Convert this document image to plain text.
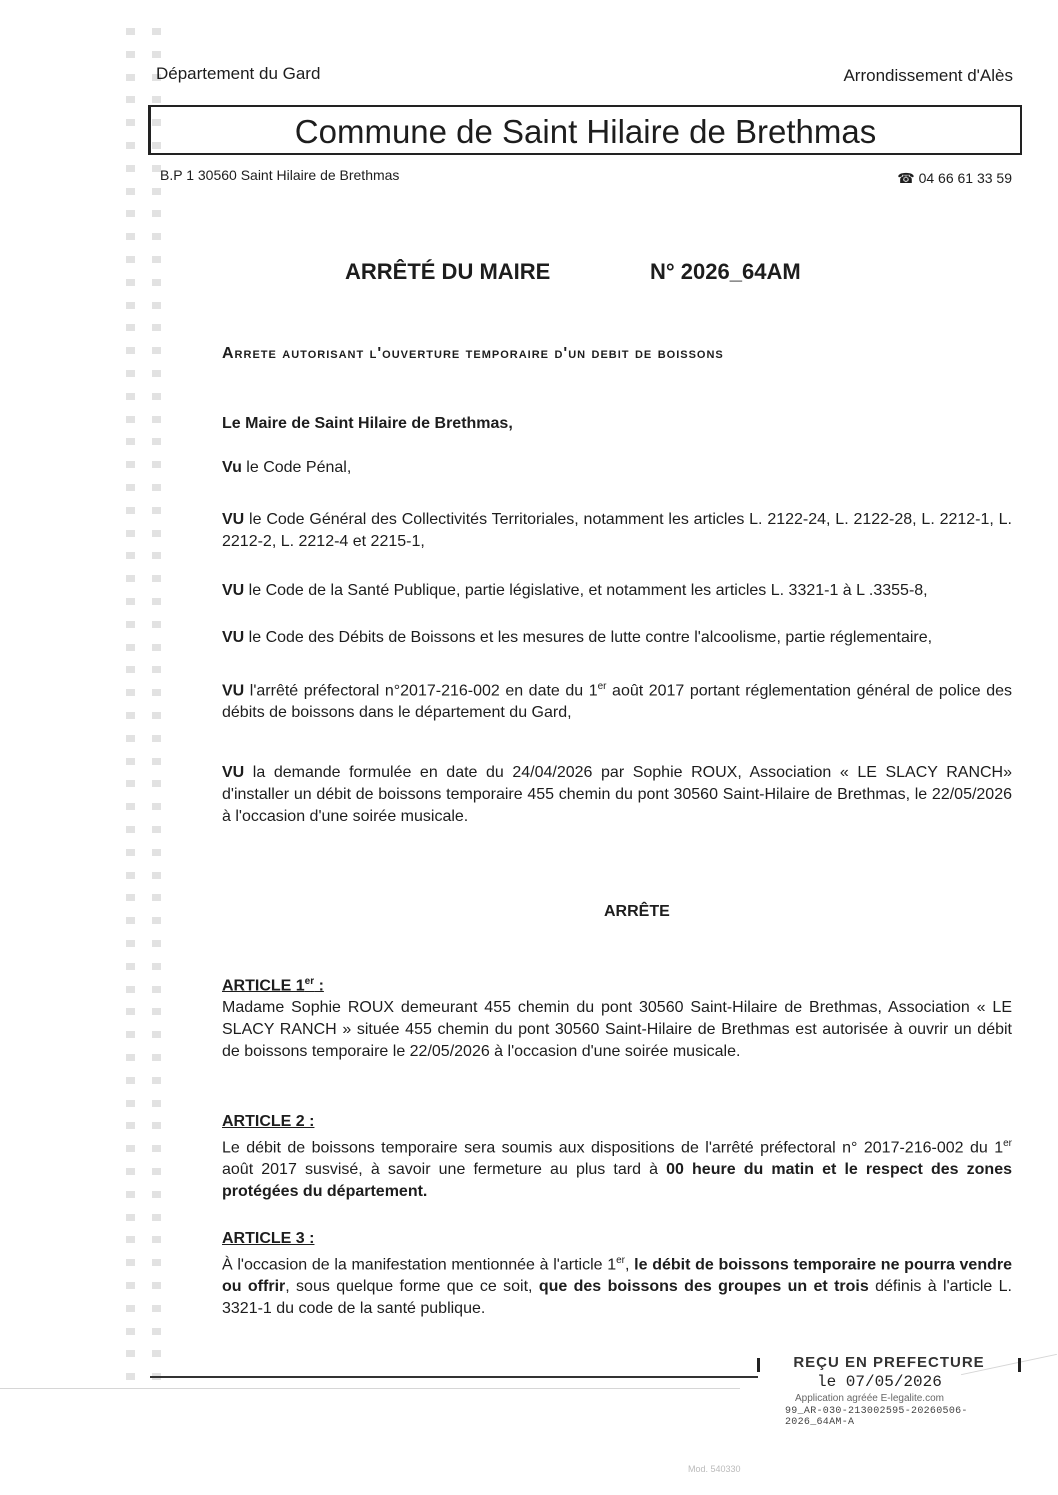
Département du Gard	Arrondissement d'Alès
Commune de Saint Hilaire de Brethmas
B.P 1 30560 Saint Hilaire de Brethmas	☎ 04 66 61 33 59
ARRÊTÉ DU MAIRE	N° 2026_64AM
Arrete autorisant l'ouverture temporaire d'un debit de boissons
Le Maire de Saint Hilaire de Brethmas,

Vu le Code Pénal,

VU le Code Général des Collectivités Territoriales, notamment les articles L. 2122-24, L. 2122-28, L. 2212-1, L. 2212-2, L. 2212-4 et 2215-1,

VU le Code de la Santé Publique, partie législative, et notamment les articles L. 3321-1 à L .3355-8,

VU le Code des Débits de Boissons et les mesures de lutte contre l'alcoolisme, partie réglementaire,

VU l'arrêté préfectoral n°2017-216-002 en date du 1er août 2017 portant réglementation général de police des débits de boissons dans le département du Gard,

VU la demande formulée en date du 24/04/2026 par Sophie ROUX, Association « LE SLACY RANCH» d'installer un débit de boissons temporaire 455 chemin du pont 30560 Saint-Hilaire de Brethmas, le 22/05/2026 à l'occasion d'une soirée musicale.

ARRÊTE

ARTICLE 1er :

Madame Sophie ROUX demeurant 455 chemin du pont 30560 Saint-Hilaire de Brethmas, Association « LE SLACY RANCH » située 455 chemin du pont 30560 Saint-Hilaire de Brethmas est autorisée à ouvrir un débit de boissons temporaire le 22/05/2026 à l'occasion d'une soirée musicale.

ARTICLE 2 :

Le débit de boissons temporaire sera soumis aux dispositions de l'arrêté préfectoral n° 2017-216-002 du 1er août 2017 susvisé, à savoir une fermeture au plus tard à 00 heure du matin et le respect des zones protégées du département.

ARTICLE 3 :

À l'occasion de la manifestation mentionnée à l'article 1er, le débit de boissons temporaire ne pourra vendre ou offrir, sous quelque forme que ce soit, que des boissons des groupes un et trois définis à l'article L. 3321-1 du code de la santé publique.

REÇU EN PREFECTURE
le 07/05/2026
Application agréée E-legalite.com
99_AR-030-213002595-20260506-2026_64AM-A
Mod. 540330
